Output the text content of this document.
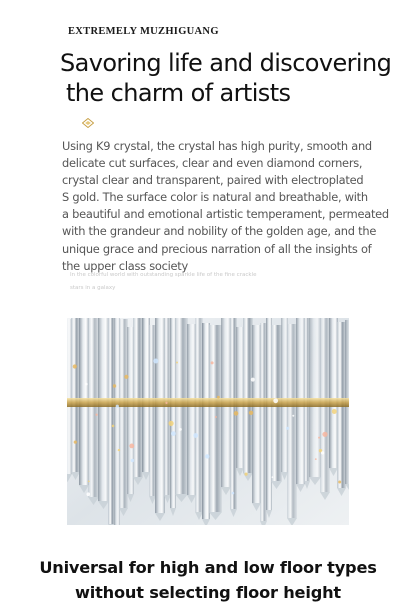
EXTREMELY MUZHIGUANG
Savoring life and discovering
the charm of artists
Using K9 crystal, the crystal has high purity, smooth and
delicate cut surfaces, clear and even diamond corners,
crystal clear and transparent, paired with electroplated
S gold. The surface color is natural and breathable, with
a beautiful and emotional artistic temperament, permeated
with the grandeur and nobility of the golden age, and the
unique grace and precious narration of all the insights of
the upper class society
In the colorful world with outstanding sparkle life of the fine crackle
stars in a galaxy
Universal for high and low floor types
without selecting floor height
